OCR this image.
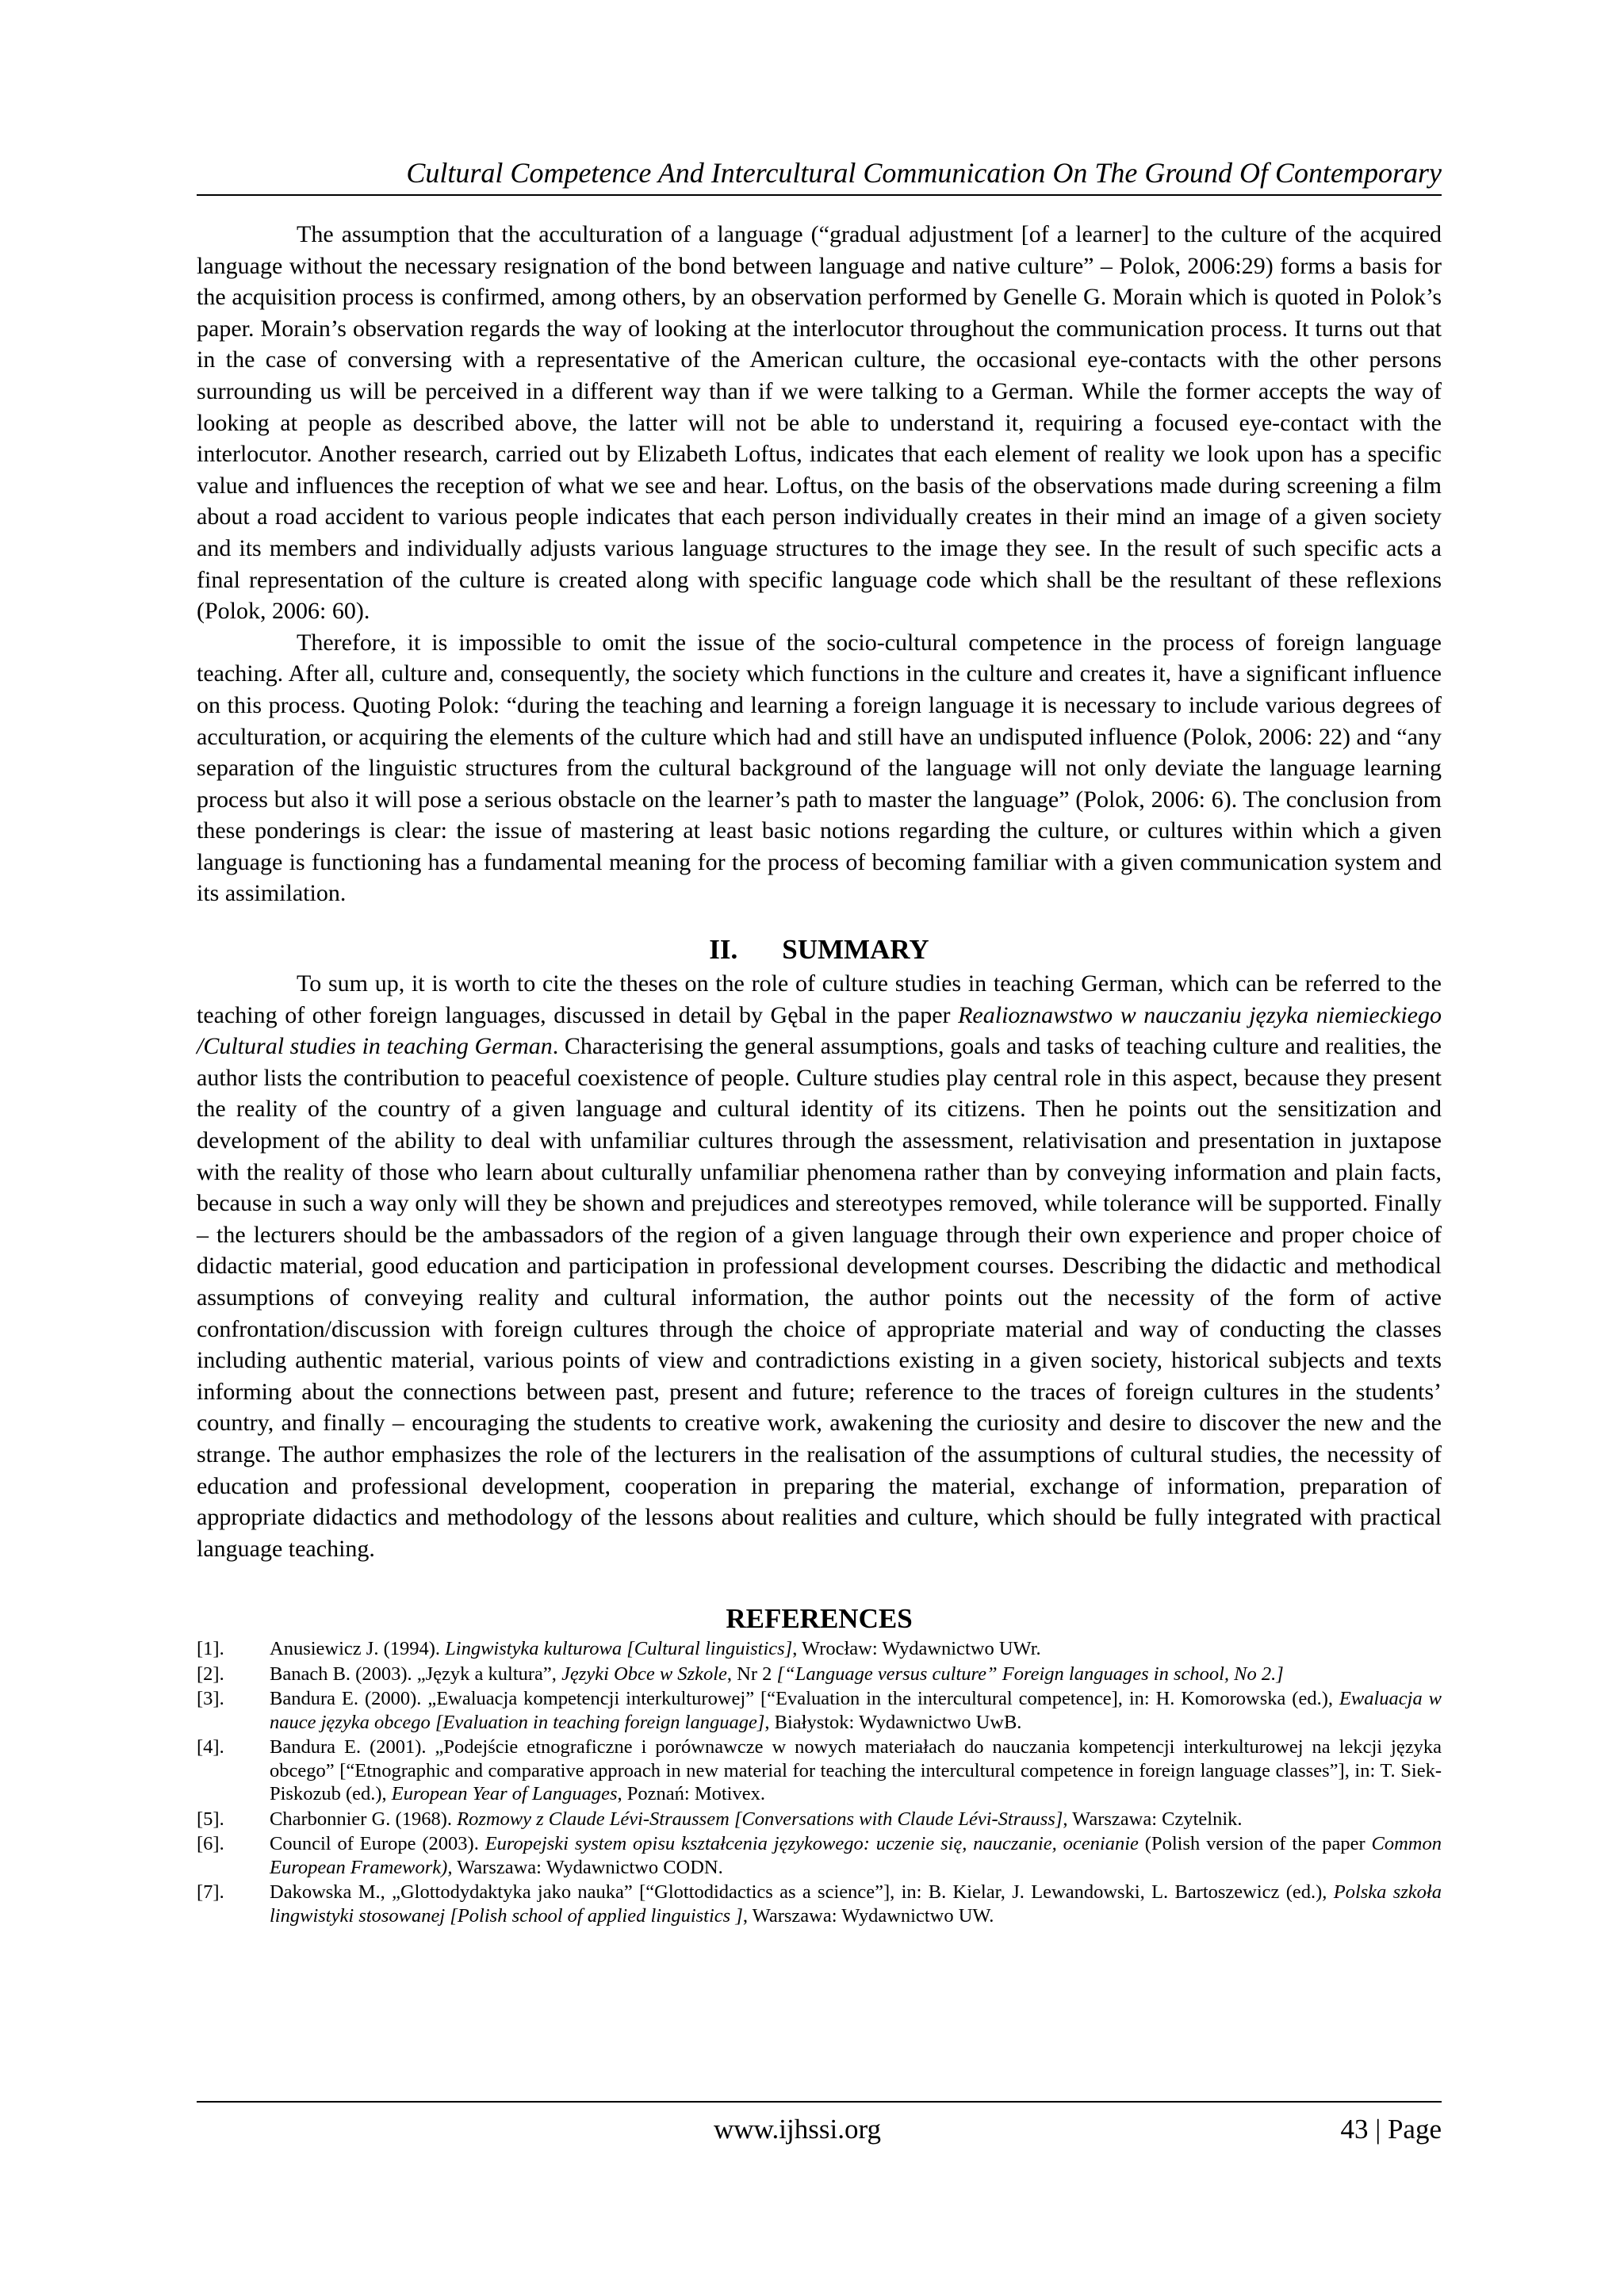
Cultural Competence And Intercultural Communication On The Ground Of Contemporary

The assumption that the acculturation of a language (“gradual adjustment [of a learner] to the culture of the acquired language without the necessary resignation of the bond between language and native culture” – Polok, 2006:29) forms a basis for the acquisition process is confirmed, among others, by an observation performed by Genelle G. Morain which is quoted in Polok’s paper. Morain’s observation regards the way of looking at the interlocutor throughout the communication process. It turns out that in the case of conversing with a representative of the American culture, the occasional eye-contacts with the other persons surrounding us will be perceived in a different way than if we were talking to a German. While the former accepts the way of looking at people as described above, the latter will not be able to understand it, requiring a focused eye-contact with the interlocutor. Another research, carried out by Elizabeth Loftus, indicates that each element of reality we look upon has a specific value and influences the reception of what we see and hear. Loftus, on the basis of the observations made during screening a film about a road accident to various people indicates that each person individually creates in their mind an image of a given society and its members and individually adjusts various language structures to the image they see. In the result of such specific acts a final representation of the culture is created along with specific language code which shall be the resultant of these reflexions (Polok, 2006: 60).

Therefore, it is impossible to omit the issue of the socio-cultural competence in the process of foreign language teaching. After all, culture and, consequently, the society which functions in the culture and creates it, have a significant influence on this process. Quoting Polok: “during the teaching and learning a foreign language it is necessary to include various degrees of acculturation, or acquiring the elements of the culture which had and still have an undisputed influence (Polok, 2006: 22) and “any separation of the linguistic structures from the cultural background of the language will not only deviate the language learning process but also it will pose a serious obstacle on the learner’s path to master the language” (Polok, 2006: 6). The conclusion from these ponderings is clear: the issue of mastering at least basic notions regarding the culture, or cultures within which a given language is functioning has a fundamental meaning for the process of becoming familiar with a given communication system and its assimilation.

II. SUMMARY

To sum up, it is worth to cite the theses on the role of culture studies in teaching German, which can be referred to the teaching of other foreign languages, discussed in detail by Gębal in the paper Realioznawstwo w nauczaniu języka niemieckiego /Cultural studies in teaching German. Characterising the general assumptions, goals and tasks of teaching culture and realities, the author lists the contribution to peaceful coexistence of people. Culture studies play central role in this aspect, because they present the reality of the country of a given language and cultural identity of its citizens. Then he points out the sensitization and development of the ability to deal with unfamiliar cultures through the assessment, relativisation and presentation in juxtapose with the reality of those who learn about culturally unfamiliar phenomena rather than by conveying information and plain facts, because in such a way only will they be shown and prejudices and stereotypes removed, while tolerance will be supported. Finally – the lecturers should be the ambassadors of the region of a given language through their own experience and proper choice of didactic material, good education and participation in professional development courses. Describing the didactic and methodical assumptions of conveying reality and cultural information, the author points out the necessity of the form of active confrontation/discussion with foreign cultures through the choice of appropriate material and way of conducting the classes including authentic material, various points of view and contradictions existing in a given society, historical subjects and texts informing about the connections between past, present and future; reference to the traces of foreign cultures in the students’ country, and finally – encouraging the students to creative work, awakening the curiosity and desire to discover the new and the strange. The author emphasizes the role of the lecturers in the realisation of the assumptions of cultural studies, the necessity of education and professional development, cooperation in preparing the material, exchange of information, preparation of appropriate didactics and methodology of the lessons about realities and culture, which should be fully integrated with practical language teaching.

REFERENCES
[1].	Anusiewicz J. (1994). Lingwistyka kulturowa [Cultural linguistics], Wrocław: Wydawnictwo UWr.
[2].	Banach B. (2003). „Język a kultura”, Języki Obce w Szkole, Nr 2 [“Language versus culture” Foreign languages in school, No 2.]
[3].	Bandura E. (2000). „Ewaluacja kompetencji interkulturowej” [“Evaluation in the intercultural competence], in: H. Komorowska (ed.), Ewaluacja w nauce języka obcego [Evaluation in teaching foreign language], Białystok: Wydawnictwo UwB.
[4].	Bandura E. (2001). „Podejście etnograficzne i porównawcze w nowych materiałach do nauczania kompetencji interkulturowej na lekcji języka obcego” [“Etnographic and comparative approach in new material for teaching the intercultural competence in foreign language classes”], in: T. Siek-Piskozub (ed.), European Year of Languages, Poznań: Motivex.
[5].	Charbonnier G. (1968). Rozmowy z Claude Lévi-Straussem [Conversations with Claude Lévi-Strauss], Warszawa: Czytelnik.
[6].	Council of Europe (2003). Europejski system opisu kształcenia językowego: uczenie się, nauczanie, ocenianie (Polish version of the paper Common European Framework), Warszawa: Wydawnictwo CODN.
[7].	Dakowska M., „Glottodydaktyka jako nauka” [“Glottodidactics as a science”], in: B. Kielar, J. Lewandowski, L. Bartoszewicz (ed.), Polska szkoła lingwistyki stosowanej [Polish school of applied linguistics ], Warszawa: Wydawnictwo UW.
www.ijhssi.org	43 | Page
